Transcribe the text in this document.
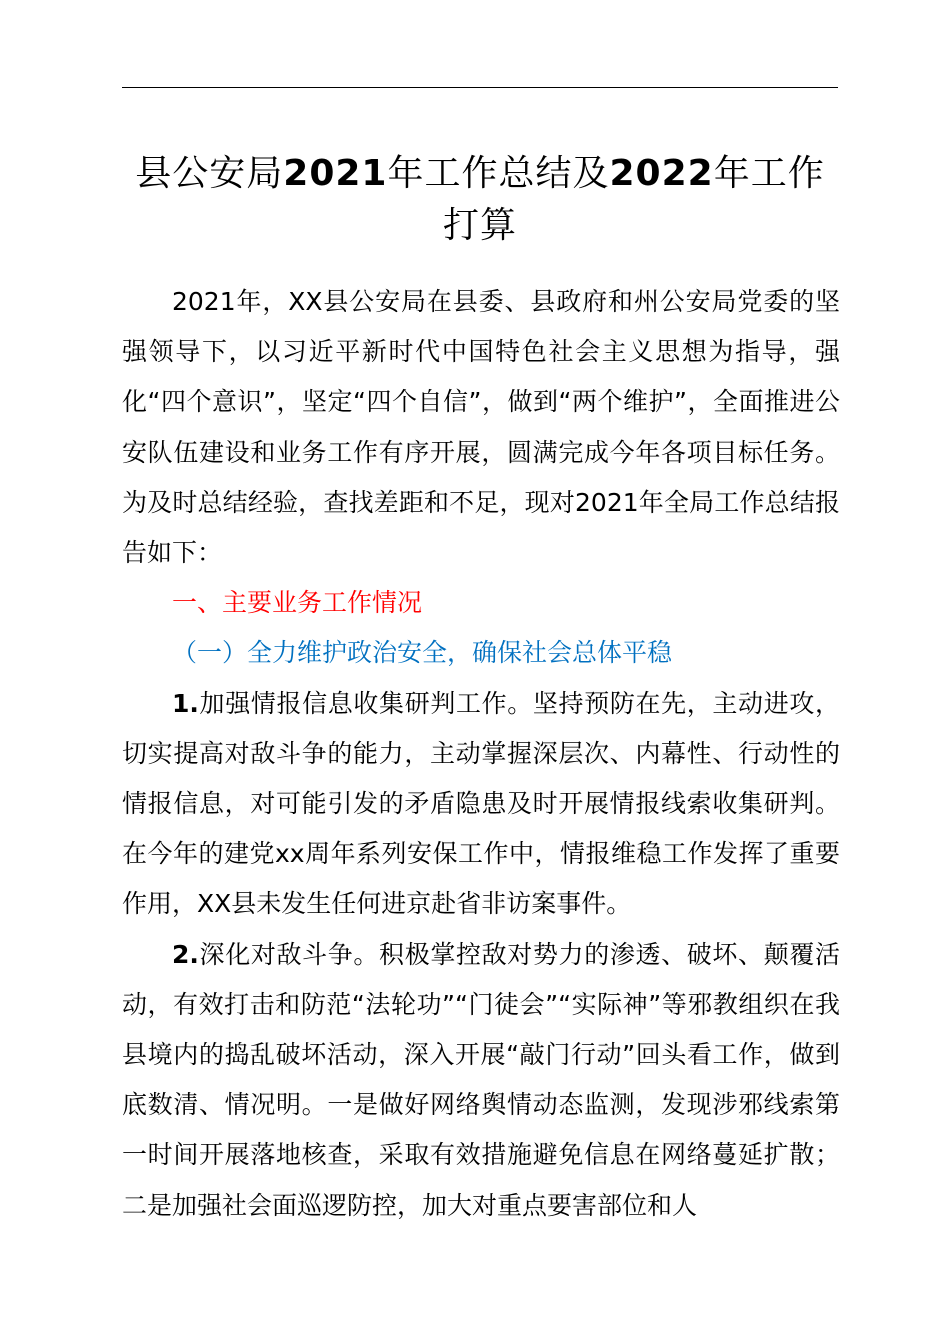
县公安局2021年工作总结及2022年工作
打算

2021年，XX县公安局在县委、县政府和州公安局党委的坚强领导下，以习近平新时代中国特色社会主义思想为指导，强化“四个意识”，坚定“四个自信”，做到“两个维护”，全面推进公安队伍建设和业务工作有序开展，圆满完成今年各项目标任务。为及时总结经验，查找差距和不足，现对2021年全局工作总结报告如下：

一、主要业务工作情况

（一）全力维护政治安全，确保社会总体平稳

1.加强情报信息收集研判工作。坚持预防在先，主动进攻，切实提高对敌斗争的能力，主动掌握深层次、内幕性、行动性的情报信息，对可能引发的矛盾隐患及时开展情报线索收集研判。在今年的建党xx周年系列安保工作中，情报维稳工作发挥了重要作用，XX县未发生任何进京赴省非访案事件。

2.深化对敌斗争。积极掌控敌对势力的渗透、破坏、颠覆活动，有效打击和防范“法轮功”“门徒会”“实际神”等邪教组织在我县境内的捣乱破坏活动，深入开展“敲门行动”回头看工作，做到底数清、情况明。一是做好网络舆情动态监测，发现涉邪线索第一时间开展落地核查，采取有效措施避免信息在网络蔓延扩散；二是加强社会面巡逻防控，加大对重点要害部位和人
